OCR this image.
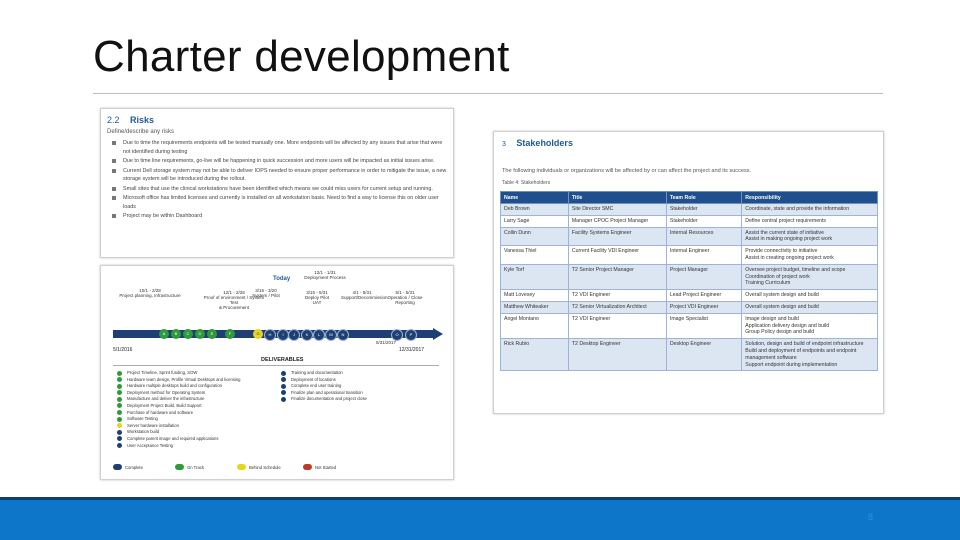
Charter development
2.2 Risks
Define/describe any risks
Due to time the requirements endpoints will be tested manually one. More endpoints will be affected by any issues that arise that were not identified during testing
Due to time line requirements, go-live will be happening in quick succession and more users will be impacted as initial issues arise.
Current Dell storage system may not be able to deliver IOPS needed to ensure proper performance in order to mitigate the issue, a new storage system will be introduced during the rollout.
Small sites that use the clinical workstations have been identified which means we could miss users for current setup and running.
Microsoft office has limited licenses and currently is installed on all workstation basis. Need to find a way to license this on older user loads
Project may be within Dashboard
Today
10/1 - 2/28
Project planning, Infrastructure
12/1 - 2/28
Proof of environment / System Test
& Procurement
3/15 - 3/20
System / Pilot
12/1 - 1/31
Deployment Process
3/15 - 5/31
Deploy Pilot
UAT
4/1 - 5/31
Support/Decommission
5/1 - 5/31
Operation / Close
Reporting
A	B	C	D	E	F	G	H	I	J	K	L	M	N	O	P
5/1/2016
5/31/2017
12/31/2017
DELIVERABLES
Project Timeline, Sprint funding, SOW
Hardware team design, Profile Virtual Desktops and licensing
Hardware multiple desktops build and configuration
Deployment method for Operating System
Manufacture and deliver the infrastructure
Deployment Project Build, Build Support
Purchase of hardware and software
Software Testing
Server hardware installation
Workstation build
Complete parent image and required applications
User Acceptance Testing
Training and documentation
Deployment of locations
Complete end user training
Finalize plan and operational transition
Finalize documentation and project close
Complete	On Track	Behind Schedule	Not Started
3 Stakeholders
The following individuals or organizations will be affected by or can affect the project and its success.
Table 4: Stakeholders
Name	Title	Team Role	Responsibility
Deb Brown	Site Director SMC	Stakeholder	Coordinate, state and provide the information
Larry Sage	Manager CPOC Project Manager	Stakeholder	Define central project requirements
Collin Dunn	Facility Systems Engineer	Internal Resources	Assist the current state of initiative
Assist in making ongoing project work
Vanessa Thiel	Current Facility VDI Engineer	Internal Engineer	Provide connectivity to initiative
Assist in creating ongoing project work
Kyle Torf	T2 Senior Project Manager	Project Manager	Oversee project budget, timeline and scope
Coordination of project work
Training Curriculum
Matt Lovesey	T2 VDI Engineer	Lead Project Engineer	Overall system design and build
Matthew Whiteaker	T2 Senior Virtualization Architect	Project VDI Engineer	Overall system design and build
Angel Montano	T2 VDI Engineer	Image Specialist	Image design and build
Application delivery design and build
Group Policy design and build
Rick Rubio	T2 Desktop Engineer	Desktop Engineer	Solution, design and build of endpoint infrastructure
Build and deployment of endpoints and endpoint management software
Support endpoint during implementation
8
